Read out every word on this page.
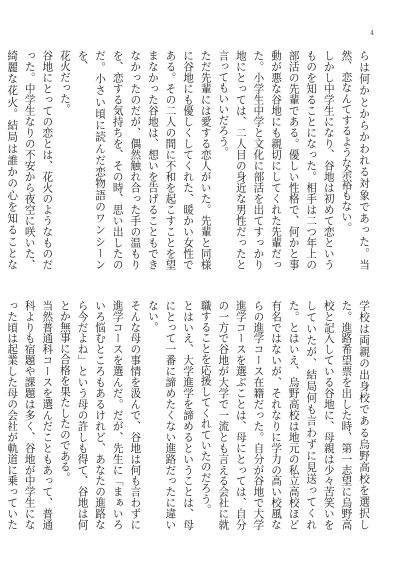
4

らは何かとからかわれる対象であった。当然、恋なんてするような余裕もない。

しかし中学生になり、谷地は初めて恋というものを知ることになった。相手は二つ年上の部活の先輩である。優しい性格で、何かと事動が悪な谷地にも親切にしてくれた先輩だった。小学生中学と文化に部活を出てすっかり地にとっては、二人目の身近な男性だったと言ってもいいだろう。

ただ先輩には愛する恋人がいた。先輩と同様に谷地にも優しくしてくれた、暖かい女性である。その二人の間に不和を起こすことを望まなかった谷地は、想いを告げることもできなかったのだが、偶然触れ合った手の温もりを、恋する気持ちを、その時、思い出したのだ。小さい頃に読んだ恋物語のワンシーンを、

花火だった。

谷地にとっての恋とは、花火のようなものだった。中学生なりの不安から夜空に咲いた、綺麗な花火。結局は誰かの心を知ることな

学校は両親の出身校である烏野高校を選択した。進路希望票を出した時、第一志望に烏野高校と記入している谷地に、母親は少々苦笑いをしていたが、結局何も言わずに見送ってくれた。とはいえ、烏野高校は地元の私立高校ほど有名ではないが、それなりに学力の高い校風ならの進学コース在籍だった。自分が谷地で大学進学コースを選ぶことは、母にとっては、自分の一方で谷地が大学で一流とも言える会社に就職することを応援してくれていたのだろう。

とはいえ、大学進学を諦めるということは、母にとって一番に諦めたくない進路だったに違いない。

そんな母の事情を汲んで、谷地は何も言わずに進学コースを選んだ。だが、先生に「まぁいろいろ悩むところもあるけれど、あなたの進路なら今だよね」という母の許しも得て、谷地は何とか無事に合格を果たしたのである。

当然普通科コースを選んだこともあって、普通科よりも宿題や課題は多く、谷地が中学生になった頃は起業した母の会社が軌道に乗っていた
